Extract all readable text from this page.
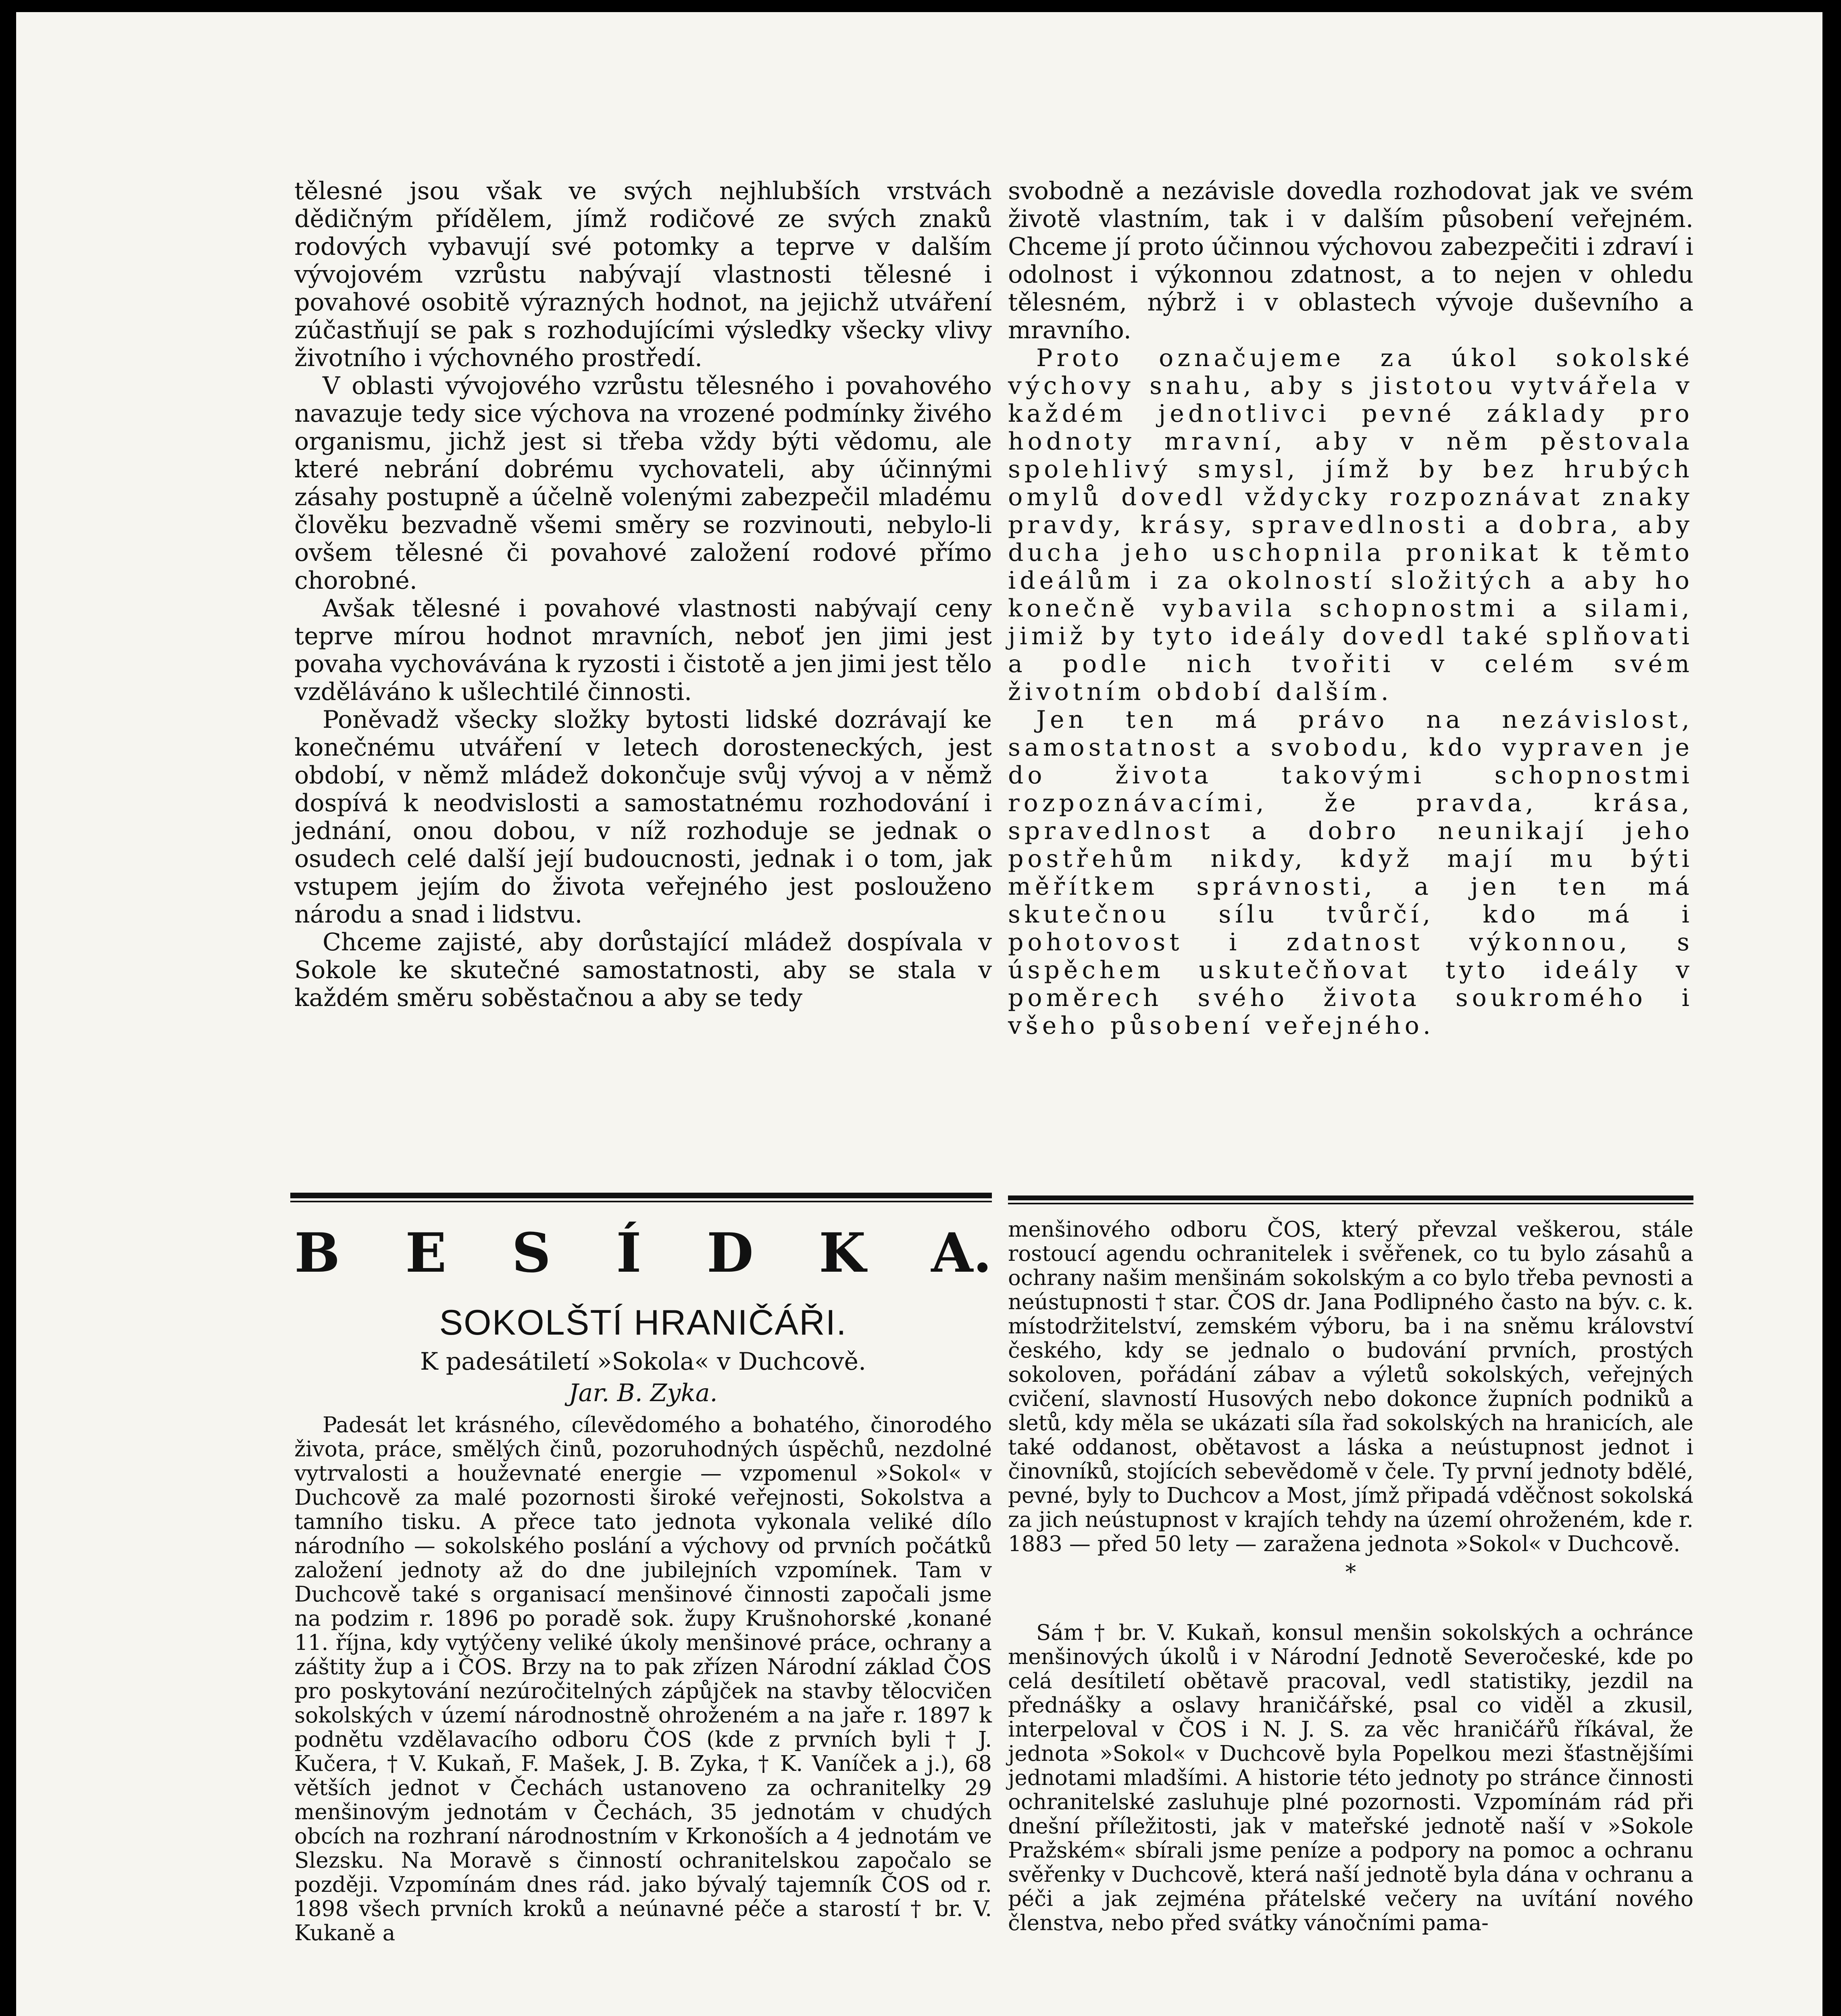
tělesné jsou však ve svých nejhlubších vrstvách dědičným přídělem, jímž rodičové ze svých znaků rodových vybavují své potomky a teprve v dalším vývojovém vzrůstu nabývají vlastnosti tělesné i povahové osobitě výrazných hodnot, na jejichž utváření zúčastňují se pak s rozhodujícími výsledky všecky vlivy životního i výchovného prostředí.

V oblasti vývojového vzrůstu tělesného i povahového navazuje tedy sice výchova na vrozené podmínky živého organismu, jichž jest si třeba vždy býti vědomu, ale které nebrání dobrému vychovateli, aby účinnými zásahy postupně a účelně volenými zabezpečil mladému člověku bezvadně všemi směry se rozvinouti, nebylo-li ovšem tělesné či povahové založení rodové přímo chorobné.

Avšak tělesné i povahové vlastnosti nabývají ceny teprve mírou hodnot mravních, neboť jen jimi jest povaha vychovávána k ryzosti i čistotě a jen jimi jest tělo vzděláváno k ušlechtilé činnosti.

Poněvadž všecky složky bytosti lidské dozrávají ke konečnému utváření v letech dorosteneckých, jest období, v němž mládež dokončuje svůj vývoj a v němž dospívá k neodvislosti a samostatnému rozhodování i jednání, onou dobou, v níž rozhoduje se jednak o osudech celé další její budoucnosti, jednak i o tom, jak vstupem jejím do života veřejného jest poslouženo národu a snad i lidstvu.

Chceme zajisté, aby dorůstající mládež dospívala v Sokole ke skutečné samostatnosti, aby se stala v každém směru soběstačnou a aby se tedy

svobodně a nezávisle dovedla rozhodovat jak ve svém životě vlastním, tak i v dalším působení veřejném. Chceme jí proto účinnou výchovou zabezpečiti i zdraví i odolnost i výkonnou zdatnost, a to nejen v ohledu tělesném, nýbrž i v oblastech vývoje duševního a mravního.

Proto označujeme za úkol sokolské výchovy snahu, aby s jistotou vytvářela v každém jednotlivci pevné základy pro hodnoty mravní, aby v něm pěstovala spolehlivý smysl, jímž by bez hrubých omylů dovedl vždycky rozpoznávat znaky pravdy, krásy, spravedlnosti a dobra, aby ducha jeho uschopnila pronikat k těmto ideálům i za okolností složitých a aby ho konečně vybavila schopnostmi a silami, jimiž by tyto ideály dovedl také splňovati a podle nich tvořiti v celém svém životním období dalším.

Jen ten má právo na nezávislost, samostatnost a svobodu, kdo vypraven je do života takovými schopnostmi rozpoznávacími, že pravda, krása, spravedlnost a dobro neunikají jeho postřehům nikdy, když mají mu býti měřítkem správnosti, a jen ten má skutečnou sílu tvůrčí, kdo má i pohotovost i zdatnost výkonnou, s úspěchem uskutečňovat tyto ideály v poměrech svého života soukromého i všeho působení veřejného.

B E S Í D K A.
SOKOLŠTÍ HRANIČÁŘI.
K padesátiletí »Sokola« v Duchcově.
Jar. B. Zyka.

Padesát let krásného, cílevědomého a bohatého, činorodého života, práce, smělých činů, pozoruhodných úspěchů, nezdolné vytrvalosti a houževnaté energie — vzpomenul »Sokol« v Duchcově za malé pozornosti široké veřejnosti, Sokolstva a tamního tisku. A přece tato jednota vykonala veliké dílo národního — sokolského poslání a výchovy od prvních počátků založení jednoty až do dne jubilejních vzpomínek. Tam v Duchcově také s organisací menšinové činnosti započali jsme na podzim r. 1896 po poradě sok. župy Krušnohorské ,konané 11. října, kdy vytýčeny veliké úkoly menšinové práce, ochrany a záštity žup a i ČOS. Brzy na to pak zřízen Národní základ ČOS pro poskytování nezúročitelných zápůjček na stavby tělocvičen sokolských v území národnostně ohroženém a na jaře r. 1897 k podnětu vzdělavacího odboru ČOS (kde z prvních byli † J. Kučera, † V. Kukaň, F. Mašek, J. B. Zyka, † K. Vaníček a j.), 68 větších jednot v Čechách ustanoveno za ochranitelky 29 menšinovým jednotám v Čechách, 35 jednotám v chudých obcích na rozhraní národnostním v Krkonoších a 4 jednotám ve Slezsku. Na Moravě s činností ochranitelskou započalo se později. Vzpomínám dnes rád. jako bývalý tajemník ČOS od r. 1898 všech prvních kroků a neúnavné péče a starostí † br. V. Kukaně a

menšinového odboru ČOS, který převzal veškerou, stále rostoucí agendu ochranitelek i svěřenek, co tu bylo zásahů a ochrany našim menšinám sokolským a co bylo třeba pevnosti a neústupnosti † star. ČOS dr. Jana Podlipného často na býv. c. k. místodržitelství, zemském výboru, ba i na sněmu království českého, kdy se jednalo o budování prvních, prostých sokoloven, pořádání zábav a výletů sokolských, veřejných cvičení, slavností Husových nebo dokonce župních podniků a sletů, kdy měla se ukázati síla řad sokolských na hranicích, ale také oddanost, obětavost a láska a neústupnost jednot i činovníků, stojících sebevědomě v čele. Ty první jednoty bdělé, pevné, byly to Duchcov a Most, jímž připadá vděčnost sokolská za jich neústupnost v krajích tehdy na území ohroženém, kde r. 1883 — před 50 lety — zaražena jednota »Sokol« v Duchcově.

*

Sám † br. V. Kukaň, konsul menšin sokolských a ochránce menšinových úkolů i v Národní Jednotě Severočeské, kde po celá desítiletí obětavě pracoval, vedl statistiky, jezdil na přednášky a oslavy hraničářské, psal co viděl a zkusil, interpeloval v ČOS i N. J. S. za věc hraničářů říkával, že jednota »Sokol« v Duchcově byla Popelkou mezi šťastnějšími jednotami mladšími. A historie této jednoty po stránce činnosti ochranitelské zasluhuje plné pozornosti. Vzpomínám rád při dnešní příležitosti, jak v mateřské jednotě naší v »Sokole Pražském« sbírali jsme peníze a podpory na pomoc a ochranu svěřenky v Duchcově, která naší jednotě byla dána v ochranu a péči a jak zejména přátelské večery na uvítání nového členstva, nebo před svátky vánočními pama-
